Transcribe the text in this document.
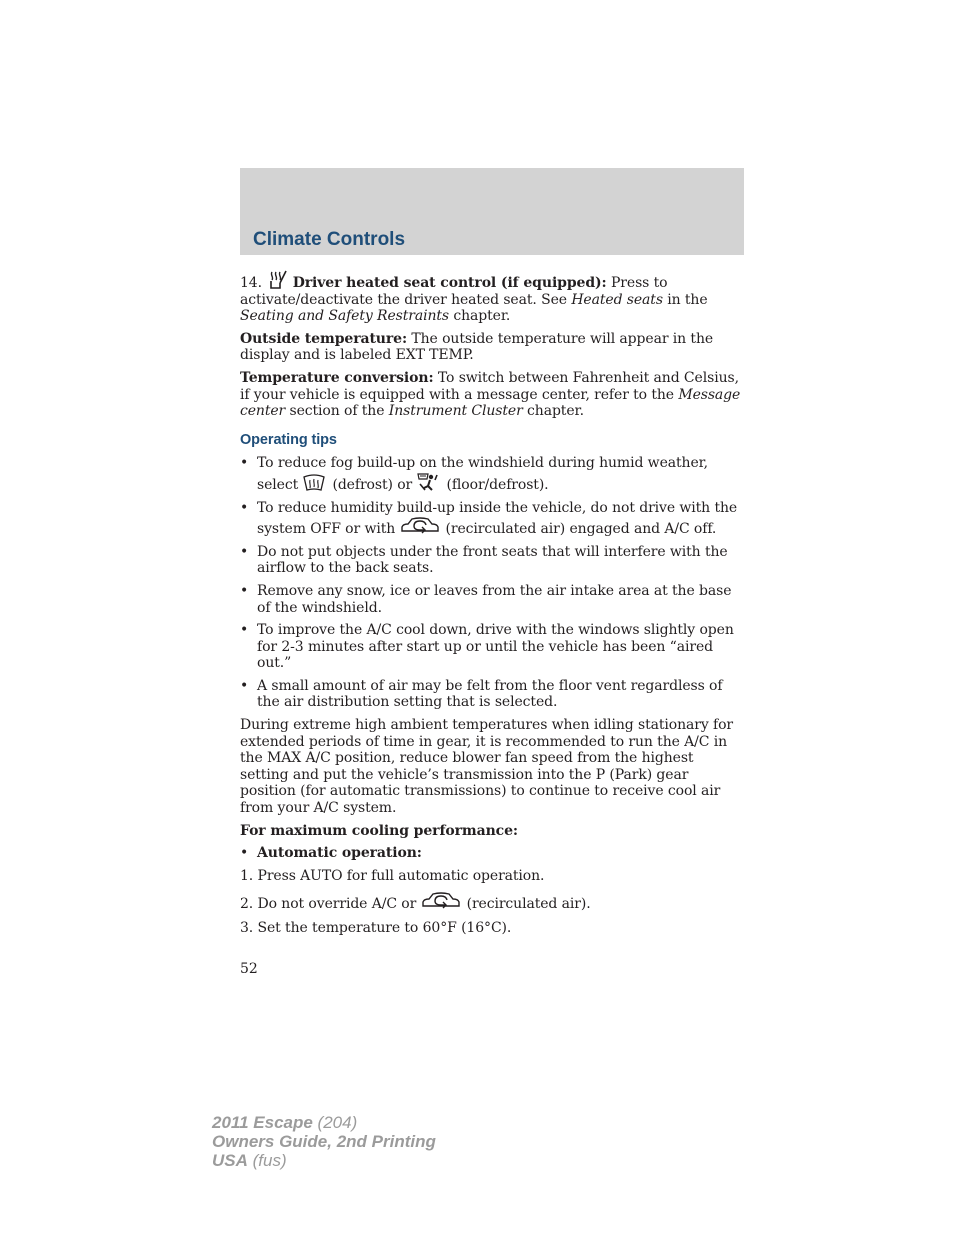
Climate Controls

14. Driver heated seat control (if equipped): Press to activate/deactivate the driver heated seat. See Heated seats in the Seating and Safety Restraints chapter.

Outside temperature: The outside temperature will appear in the display and is labeled EXT TEMP.

Temperature conversion: To switch between Fahrenheit and Celsius, if your vehicle is equipped with a message center, refer to the Message center section of the Instrument Cluster chapter.

Operating tips
• To reduce fog build-up on the windshield during humid weather, select
(defrost) or
(floor/defrost).
• To reduce humidity build-up inside the vehicle, do not drive with the system OFF or with	(recirculated air) engaged and A/C off.
• Do not put objects under the front seats that will interfere with the airflow to the back seats.
• Remove any snow, ice or leaves from the air intake area at the base of the windshield.
• To improve the A/C cool down, drive with the windows slightly open for 2-3 minutes after start up or until the vehicle has been “aired out.”
• A small amount of air may be felt from the floor vent regardless of the air distribution setting that is selected.

During extreme high ambient temperatures when idling stationary for extended periods of time in gear, it is recommended to run the A/C in the MAX A/C position, reduce blower fan speed from the highest setting and put the vehicle’s transmission into the P (Park) gear position (for automatic transmissions) to continue to receive cool air from your A/C system.

For maximum cooling performance:

• Automatic operation:

1. Press AUTO for full automatic operation.

2. Do not override A/C or	(recirculated air).

3. Set the temperature to 60°F (16°C).

52
2011 Escape (204)
Owners Guide, 2nd Printing
USA (fus)
